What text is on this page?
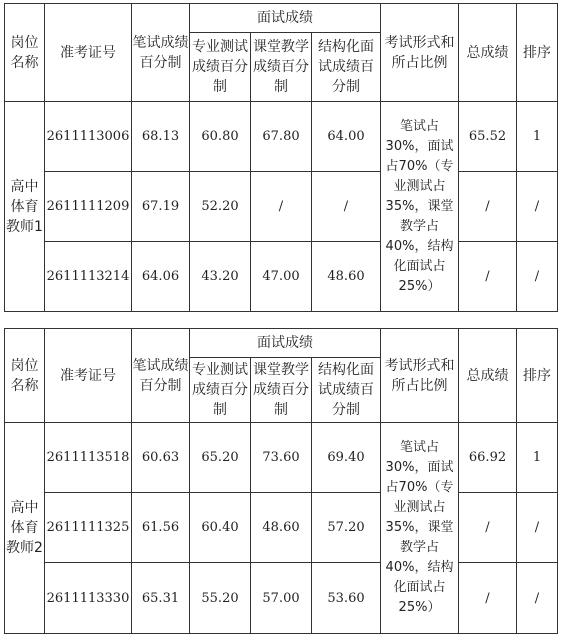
岗位名称	准考证号	笔试成绩百分制	面试成绩			考试形式和所占比例	总成绩	排序
			专业测试成绩百分制	课堂教学成绩百分制	结构化面试成绩百分制			
高中体育教师1	2611113006	68.13	60.80	67.80	64.00	笔试占30%，面试占70%（专业测试占35%，课堂教学占40%，结构化面试占25%）	65.52	1
	2611111209	67.19	52.20	/	/		/	/
	2611113214	64.06	43.20	47.00	48.60		/	/
岗位名称	准考证号	笔试成绩百分制	面试成绩			考试形式和所占比例	总成绩	排序
			专业测试成绩百分制	课堂教学成绩百分制	结构化面试成绩百分制			
高中体育教师2	2611113518	60.63	65.20	73.60	69.40	笔试占30%，面试占70%（专业测试占35%，课堂教学占40%，结构化面试占25%）	66.92	1
	2611111325	61.56	60.40	48.60	57.20		/	/
	2611113330	65.31	55.20	57.00	53.60		/	/
